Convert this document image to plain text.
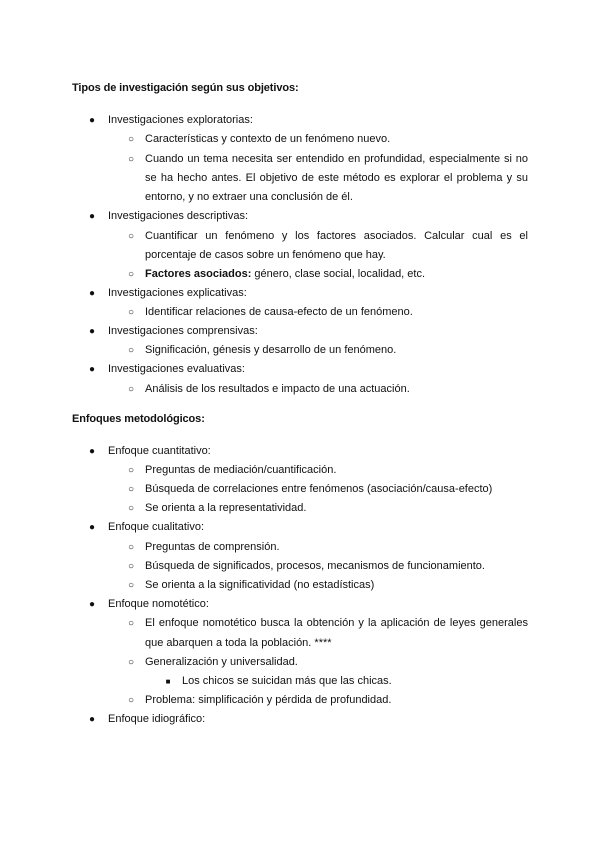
Tipos de investigación según sus objetivos:
● Investigaciones exploratorias:
○ Características y contexto de un fenómeno nuevo.
○ Cuando un tema necesita ser entendido en profundidad, especialmente si no
se ha hecho antes. El objetivo de este método es explorar el problema y su
entorno, y no extraer una conclusión de él.
● Investigaciones descriptivas:
○ Cuantificar un fenómeno y los factores asociados. Calcular cual es el
porcentaje de casos sobre un fenómeno que hay.
○ Factores asociados: género, clase social, localidad, etc.
● Investigaciones explicativas:
○ Identificar relaciones de causa-efecto de un fenómeno.
● Investigaciones comprensivas:
○ Significación, génesis y desarrollo de un fenómeno.
● Investigaciones evaluativas:
○ Análisis de los resultados e impacto de una actuación.
Enfoques metodológicos:
● Enfoque cuantitativo:
○ Preguntas de mediación/cuantificación.
○ Búsqueda de correlaciones entre fenómenos (asociación/causa-efecto)
○ Se orienta a la representatividad.
● Enfoque cualitativo:
○ Preguntas de comprensión.
○ Búsqueda de significados, procesos, mecanismos de funcionamiento.
○ Se orienta a la significatividad (no estadísticas)
● Enfoque nomotético:
○ El enfoque nomotético busca la obtención y la aplicación de leyes generales
que abarquen a toda la población. ****
○ Generalización y universalidad.
■	Los chicos se suicidan más que las chicas.
○ Problema: simplificación y pérdida de profundidad.
● Enfoque idiográfico:
